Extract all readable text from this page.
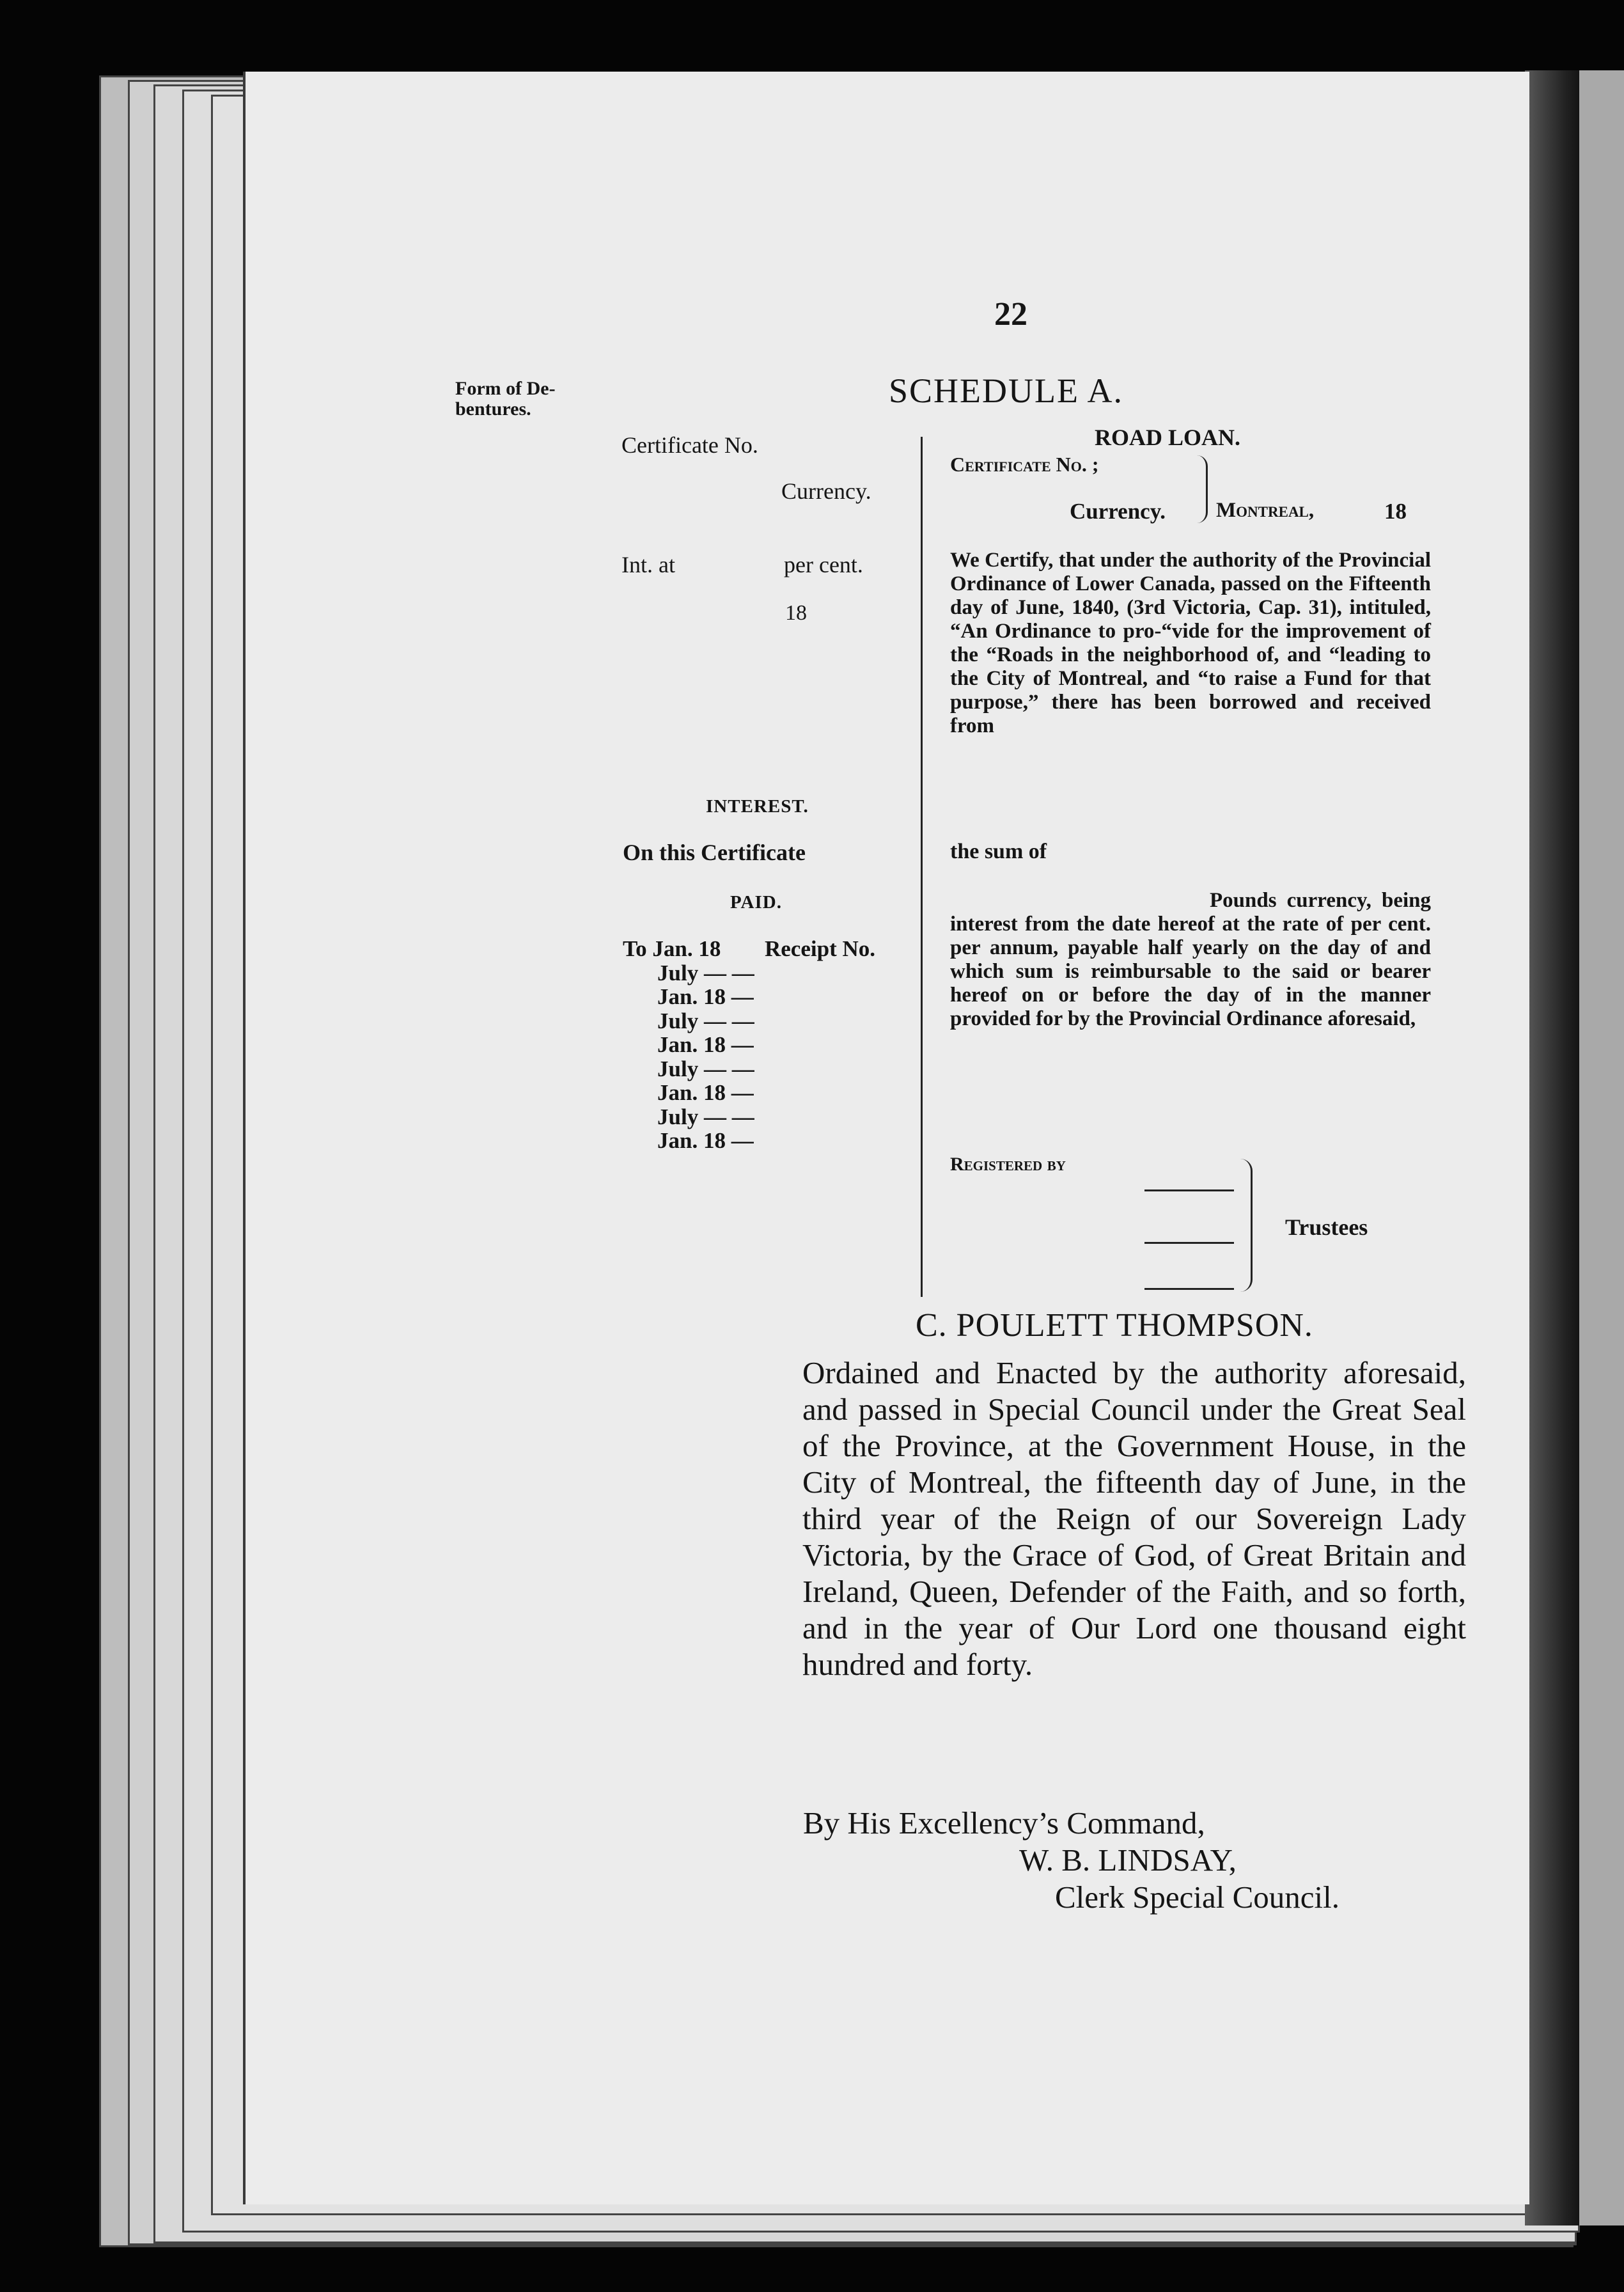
22

Form of De-
bentures.	SCHEDULE A.

Certificate No.

Currency.

Int. at	per cent.

18

INTEREST.

On this Certificate

PAID.

To Jan. 18 Receipt No.
July — —
Jan. 18 —
July — —
Jan. 18 —
July — —
Jan. 18 —
July — —
Jan. 18 —

ROAD LOAN.

Certificate No. ;

Currency. Montreal,	18

We Certify, that under the authority of the Provincial Ordinance of Lower Canada, passed on the Fifteenth day of June, 1840, (3rd Victoria, Cap. 31), intituled, “An Ordinance to pro-“vide for the improvement of the “Roads in the neighborhood of, and “leading to the City of Montreal, and “to raise a Fund for that purpose,” there has been borrowed and received from

the sum of

Pounds currency, being interest from the date hereof at the rate of per cent. per annum, payable half yearly on the day of and which sum is reimbursable to the said or bearer hereof on or before the day of in the manner provided for by the Provincial Ordinance aforesaid,

Registered by

Trustees

C. POULETT THOMPSON.

Ordained and Enacted by the authority aforesaid, and passed in Special Council under the Great Seal of the Province, at the Government House, in the City of Montreal, the fifteenth day of June, in the third year of the Reign of our Sovereign Lady Victoria, by the Grace of God, of Great Britain and Ireland, Queen, Defender of the Faith, and so forth, and in the year of Our Lord one thousand eight hundred and forty.

By His Excellency’s Command,

W. B. LINDSAY,

Clerk Special Council.
